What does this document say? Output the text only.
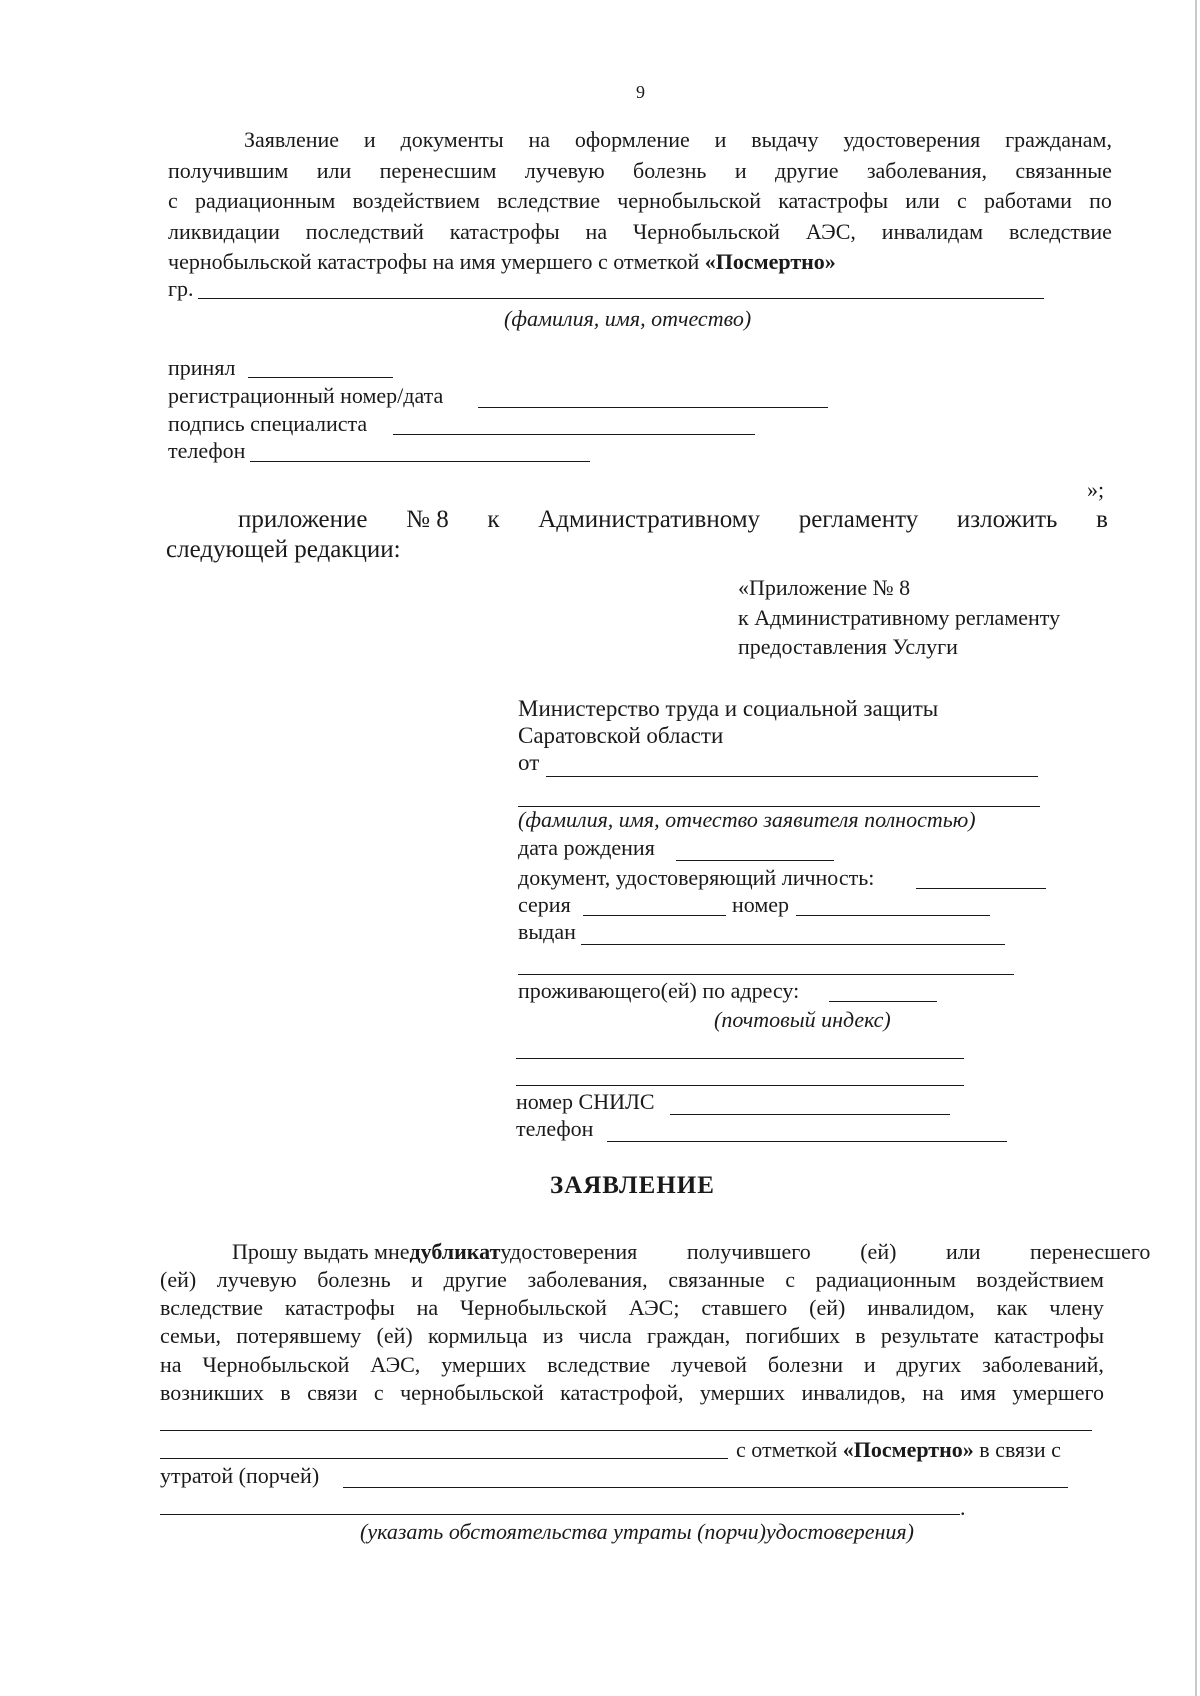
9
Заявление и документы на оформление и выдачу удостоверения гражданам,
получившим или перенесшим лучевую болезнь и другие заболевания, связанные
с радиационным воздействием вследствие чернобыльской катастрофы или с работами по
ликвидации последствий катастрофы на Чернобыльской АЭС, инвалидам вследствие
чернобыльской катастрофы на имя умершего с отметкой «Посмертно»
гр.
(фамилия, имя, отчество)
принял
регистрационный номер/дата
подпись специалиста
телефон
»;
приложение № 8 к Административному регламенту изложить в
следующей редакции:
«Приложение № 8
к Административному регламенту
предоставления Услуги
Министерство труда и социальной защиты
Саратовской области
от
(фамилия, имя, отчество заявителя полностью)
дата рождения
документ, удостоверяющий личность:
серия	номер
выдан
проживающего(ей) по адресу:
(почтовый индекс)
номер СНИЛС
телефон
ЗАЯВЛЕНИЕ
Прошу выдать мнедубликат удостоверения получившего (ей) или перенесшего
(ей) лучевую болезнь и другие заболевания, связанные с радиационным воздействием
вследствие катастрофы на Чернобыльской АЭС; ставшего (ей) инвалидом, как члену
семьи, потерявшему (ей) кормильца из числа граждан, погибших в результате катастрофы
на Чернобыльской АЭС, умерших вследствие лучевой болезни и других заболеваний,
возникших в связи с чернобыльской катастрофой, умерших инвалидов, на имя умершего
с отметкой «Посмертно» в связи с
утратой (порчей)
.
(указать обстоятельства утраты (порчи)удостоверения)
